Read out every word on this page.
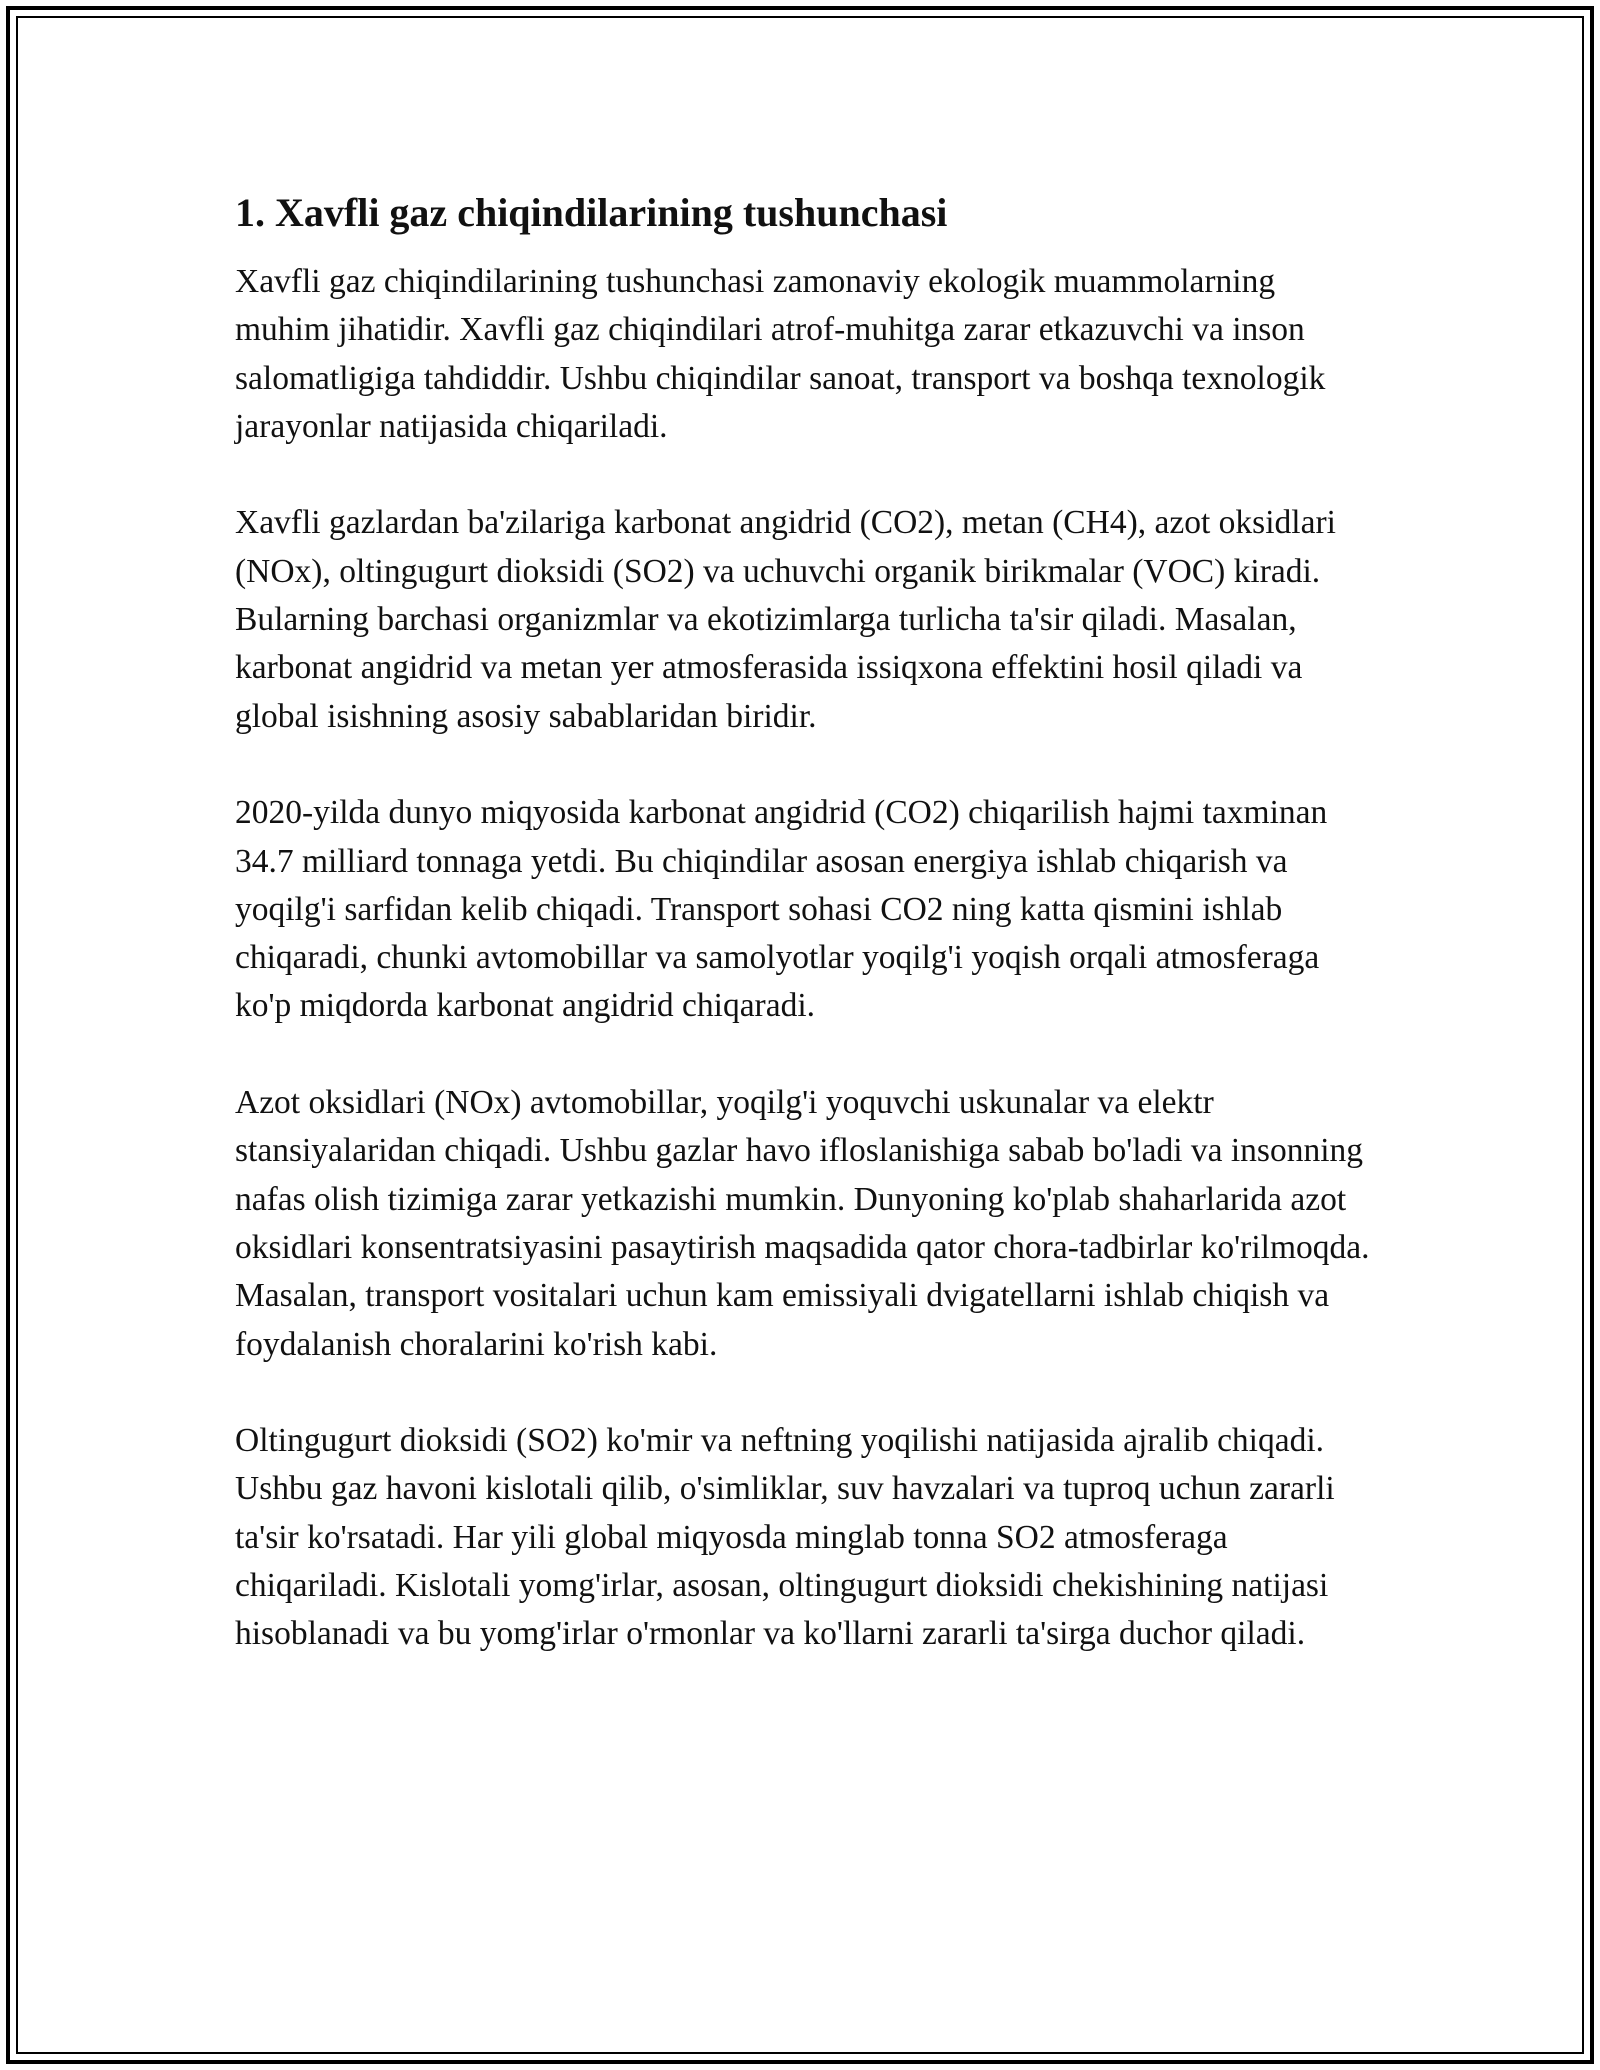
1. Xavfli gaz chiqindilarining tushunchasi

Xavfli gaz chiqindilarining tushunchasi zamonaviy ekologik muammolarning muhim jihatidir. Xavfli gaz chiqindilari atrof-muhitga zarar etkazuvchi va inson salomatligiga tahdiddir. Ushbu chiqindilar sanoat, transport va boshqa texnologik jarayonlar natijasida chiqariladi.

Xavfli gazlardan ba'zilariga karbonat angidrid (CO2), metan (CH4), azot oksidlari (NOx), oltingugurt dioksidi (SO2) va uchuvchi organik birikmalar (VOC) kiradi. Bularning barchasi organizmlar va ekotizimlarga turlicha ta'sir qiladi. Masalan, karbonat angidrid va metan yer atmosferasida issiqxona effektini hosil qiladi va global isishning asosiy sabablaridan biridir.

2020-yilda dunyo miqyosida karbonat angidrid (CO2) chiqarilish hajmi taxminan 34.7 milliard tonnaga yetdi. Bu chiqindilar asosan energiya ishlab chiqarish va yoqilg'i sarfidan kelib chiqadi. Transport sohasi CO2 ning katta qismini ishlab chiqaradi, chunki avtomobillar va samolyotlar yoqilg'i yoqish orqali atmosferaga ko'p miqdorda karbonat angidrid chiqaradi.

Azot oksidlari (NOx) avtomobillar, yoqilg'i yoquvchi uskunalar va elektr stansiyalaridan chiqadi. Ushbu gazlar havo ifloslanishiga sabab bo'ladi va insonning nafas olish tizimiga zarar yetkazishi mumkin. Dunyoning ko'plab shaharlarida azot oksidlari konsentratsiyasini pasaytirish maqsadida qator chora-tadbirlar ko'rilmoqda. Masalan, transport vositalari uchun kam emissiyali dvigatellarni ishlab chiqish va foydalanish choralarini ko'rish kabi.

Oltingugurt dioksidi (SO2) ko'mir va neftning yoqilishi natijasida ajralib chiqadi. Ushbu gaz havoni kislotali qilib, o'simliklar, suv havzalari va tuproq uchun zararli ta'sir ko'rsatadi. Har yili global miqyosda minglab tonna SO2 atmosferaga chiqariladi. Kislotali yomg'irlar, asosan, oltingugurt dioksidi chekishining natijasi hisoblanadi va bu yomg'irlar o'rmonlar va ko'llarni zararli ta'sirga duchor qiladi.
